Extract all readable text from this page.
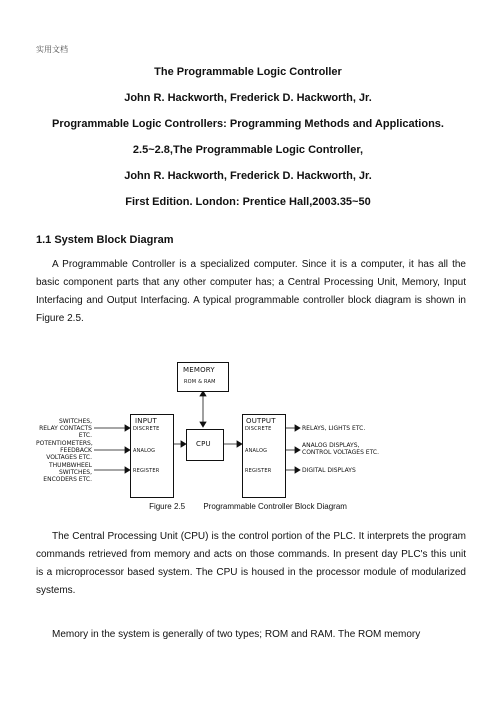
实用文档
The Programmable Logic Controller
John R. Hackworth, Frederick D. Hackworth, Jr.
Programmable Logic Controllers: Programming Methods and Applications.
2.5~2.8,The Programmable Logic Controller,
John R. Hackworth, Frederick D. Hackworth, Jr.
First Edition. London: Prentice Hall,2003.35~50
1.1 System Block Diagram
A Programmable Controller is a specialized computer. Since it is a computer, it has all the basic component parts that any other computer has; a Central Processing Unit, Memory, Input Interfacing and Output Interfacing. A typical programmable controller block diagram is shown in Figure 2.5.
MEMORY
ROM & RAM
INPUT
DISCRETE
ANALOG
REGISTER
CPU
OUTPUT
DISCRETE
ANALOG
REGISTER
SWITCHES,
RELAY CONTACTS ETC.
POTENTIOMETERS,
FEEDBACK VOLTAGES ETC.
THUMBWHEEL SWITCHES,
ENCODERS ETC.
RELAYS, LIGHTS ETC.
ANALOG DISPLAYS,
CONTROL VOLTAGES ETC.
DIGITAL DISPLAYS
Figure 2.5 Programmable Controller Block Diagram
The Central Processing Unit (CPU) is the control portion of the PLC. It interprets the program commands retrieved from memory and acts on those commands. In present day PLC's this unit is a microprocessor based system. The CPU is housed in the processor module of modularized systems.
Memory in the system is generally of two types; ROM and RAM. The ROM memory
